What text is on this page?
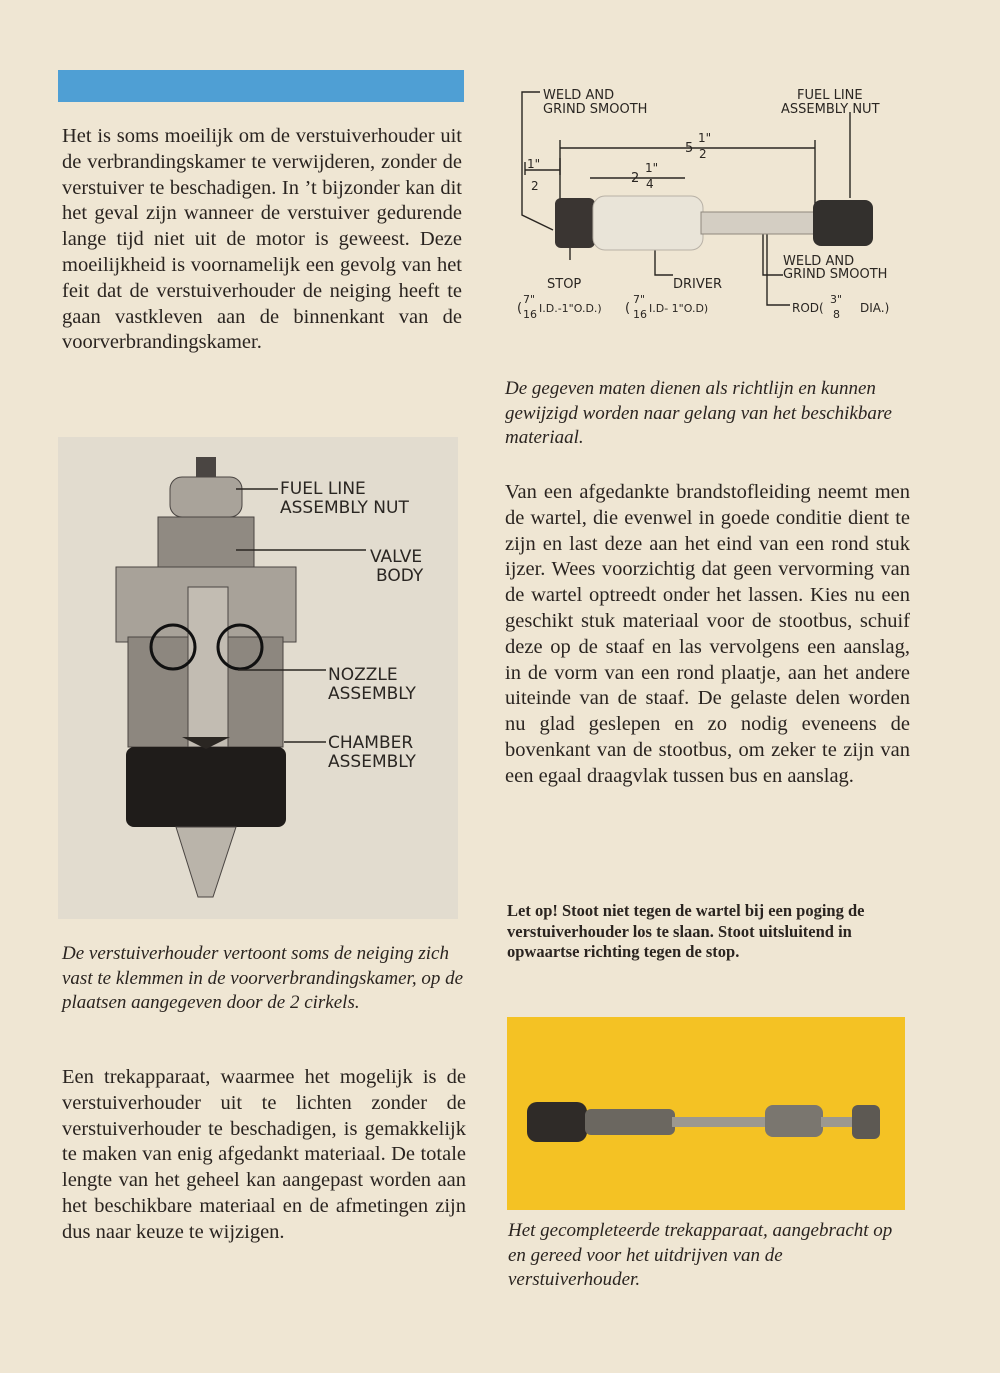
Het is soms moeilijk om de verstuiverhouder uit de verbrandingskamer te verwijderen, zonder de verstuiver te beschadigen. In ’t bijzonder kan dit het geval zijn wanneer de verstuiver gedurende lange tijd niet uit de motor is geweest. Deze moeilijkheid is voornamelijk een gevolg van het feit dat de verstuiverhouder de neiging heeft te gaan vastkleven aan de binnenkant van de voorverbrandingskamer.

WELD AND
GRIND SMOOTH
FUEL LINE
ASSEMBLY NUT
1"
2	2
1"
4
5
1"
2
WELD AND
GRIND SMOOTH
STOP	DRIVER
(
7"
16 I.D.-1"O.D.) (
7"
16 I.D- 1"O.D)	ROD(
3"
8 DIA.)

De gegeven maten dienen als richtlijn en kunnen gewijzigd worden naar gelang van het beschikbare materiaal.

Van een afgedankte brandstofleiding neemt men de wartel, die evenwel in goede conditie dient te zijn en last deze aan het eind van een rond stuk ijzer. Wees voorzichtig dat geen vervorming van de wartel optreedt onder het lassen. Kies nu een geschikt stuk materiaal voor de stootbus, schuif deze op de staaf en las vervolgens een aanslag, in de vorm van een rond plaatje, aan het andere uiteinde van de staaf. De gelaste delen worden nu glad geslepen en zo nodig eveneens de bovenkant van de stootbus, om zeker te zijn van een egaal draagvlak tussen bus en aanslag.

Let op! Stoot niet tegen de wartel bij een poging de verstuiverhouder los te slaan. Stoot uitsluitend in opwaartse richting tegen de stop.

FUEL LINE
ASSEMBLY NUT
VALVE
BODY
NOZZLE
ASSEMBLY
CHAMBER
ASSEMBLY

De verstuiverhouder vertoont soms de neiging zich vast te klemmen in de voorverbrandingskamer, op de plaatsen aangegeven door de 2 cirkels.

Een trekapparaat, waarmee het mogelijk is de verstuiverhouder uit te lichten zonder de verstuiverhouder te beschadigen, is gemakkelijk te maken van enig afgedankt materiaal. De totale lengte van het geheel kan aangepast worden aan het beschikbare materiaal en de afmetingen zijn dus naar keuze te wijzigen.	Het gecompleteerde trekapparaat, aangebracht op en gereed voor het uitdrijven van de verstuiverhouder.
